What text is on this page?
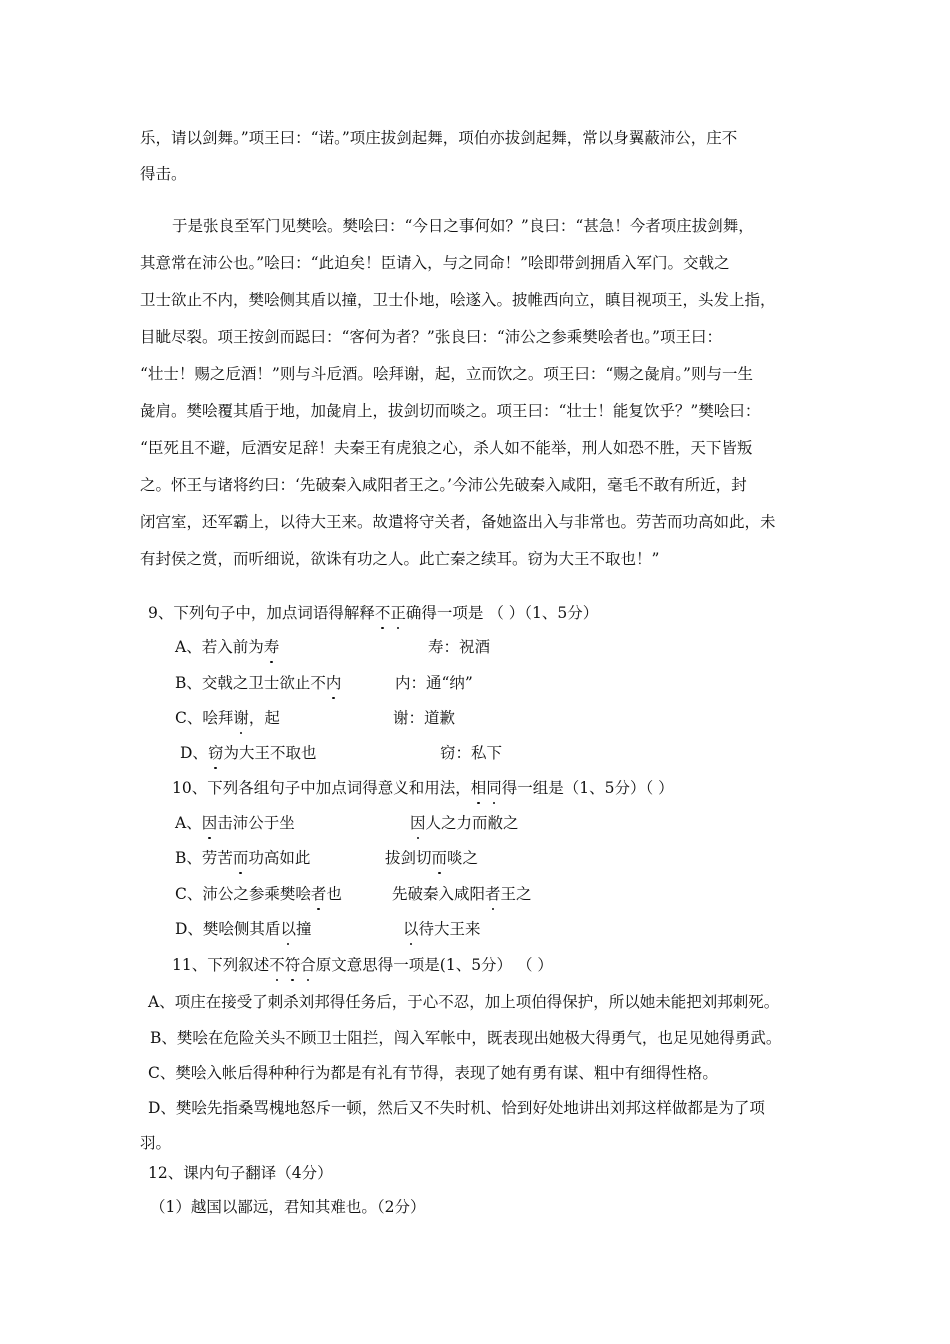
乐，请以剑舞。”项王曰：“诺。”项庄拔剑起舞，项伯亦拔剑起舞，常以身翼蔽沛公，庄不
得击。
于是张良至军门见樊哙。樊哙曰：“今日之事何如？”良曰：“甚急！今者项庄拔剑舞，
其意常在沛公也。”哙曰：“此迫矣！臣请入，与之同命！”哙即带剑拥盾入军门。交戟之
卫士欲止不内，樊哙侧其盾以撞，卫士仆地，哙遂入。披帷西向立，瞋目视项王，头发上指，
目眦尽裂。项王按剑而跽曰：“客何为者？”张良曰：“沛公之参乘樊哙者也。”项王曰：
“壮士！赐之卮酒！”则与斗卮酒。哙拜谢，起，立而饮之。项王曰：“赐之彘肩。”则与一生
彘肩。樊哙覆其盾于地，加彘肩上，拔剑切而啖之。项王曰：“壮士！能复饮乎？”樊哙曰：
“臣死且不避，卮酒安足辞！夫秦王有虎狼之心，杀人如不能举，刑人如恐不胜，天下皆叛
之。怀王与诸将约曰：‘先破秦入咸阳者王之。’今沛公先破秦入咸阳，毫毛不敢有所近，封
闭宫室，还军霸上，以待大王来。故遣将守关者，备她盗出入与非常也。劳苦而功高如此，未
有封侯之赏，而听细说，欲诛有功之人。此亡秦之续耳。窃为大王不取也！”
9、下列句子中，加点词语得解释不正确得一项是 （ ）（1、5分）
A、若入前为寿	寿：祝酒
B、交戟之卫士欲止不内	内：通“纳”
C、哙拜谢，起	谢：道歉
D、窃为大王不取也	窃：私下
10、下列各组句子中加点词得意义和用法，相同得一组是（1、5分）（ ）
A、因击沛公于坐	因人之力而敝之
B、劳苦而功高如此	拔剑切而啖之
C、沛公之参乘樊哙者也	先破秦入咸阳者王之
D、樊哙侧其盾以撞	以待大王来
11、下列叙述不符合原文意思得一项是(1、5分） （ ）
A、项庄在接受了刺杀刘邦得任务后，于心不忍，加上项伯得保护，所以她未能把刘邦刺死。
B、樊哙在危险关头不顾卫士阻拦，闯入军帐中，既表现出她极大得勇气，也足见她得勇武。
C、樊哙入帐后得种种行为都是有礼有节得，表现了她有勇有谋、粗中有细得性格。
D、樊哙先指桑骂槐地怒斥一顿，然后又不失时机、恰到好处地讲出刘邦这样做都是为了项
羽。
12、课内句子翻译（4分）
（1）越国以鄙远，君知其难也。（2分）
